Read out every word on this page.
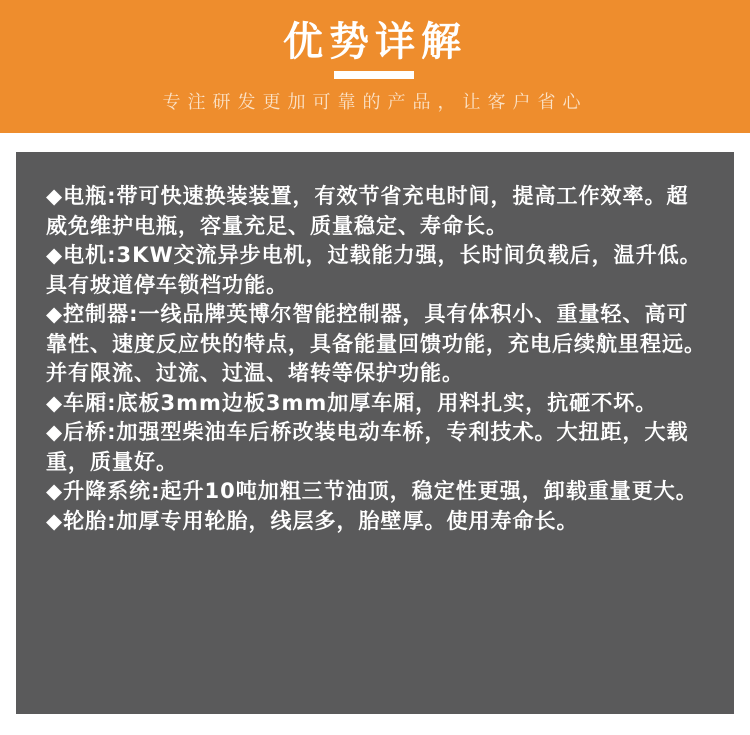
优势详解
专注研发更加可靠的产品，让客户省心

◆电瓶:带可快速换装装置，有效节省充电时间，提高工作效率。超威免维护电瓶，容量充足、质量稳定、寿命长。

◆电机:3KW交流异步电机，过载能力强，长时间负载后，温升低。具有坡道停车锁档功能。

◆控制器:一线品牌英博尔智能控制器，具有体积小、重量轻、高可靠性、速度反应快的特点，具备能量回馈功能，充电后续航里程远。并有限流、过流、过温、堵转等保护功能。

◆车厢:底板3mm边板3mm加厚车厢，用料扎实，抗砸不坏。

◆后桥:加强型柴油车后桥改装电动车桥，专利技术。大扭距，大载重，质量好。

◆升降系统:起升10吨加粗三节油顶，稳定性更强，卸载重量更大。

◆轮胎:加厚专用轮胎，线层多，胎壁厚。使用寿命长。
